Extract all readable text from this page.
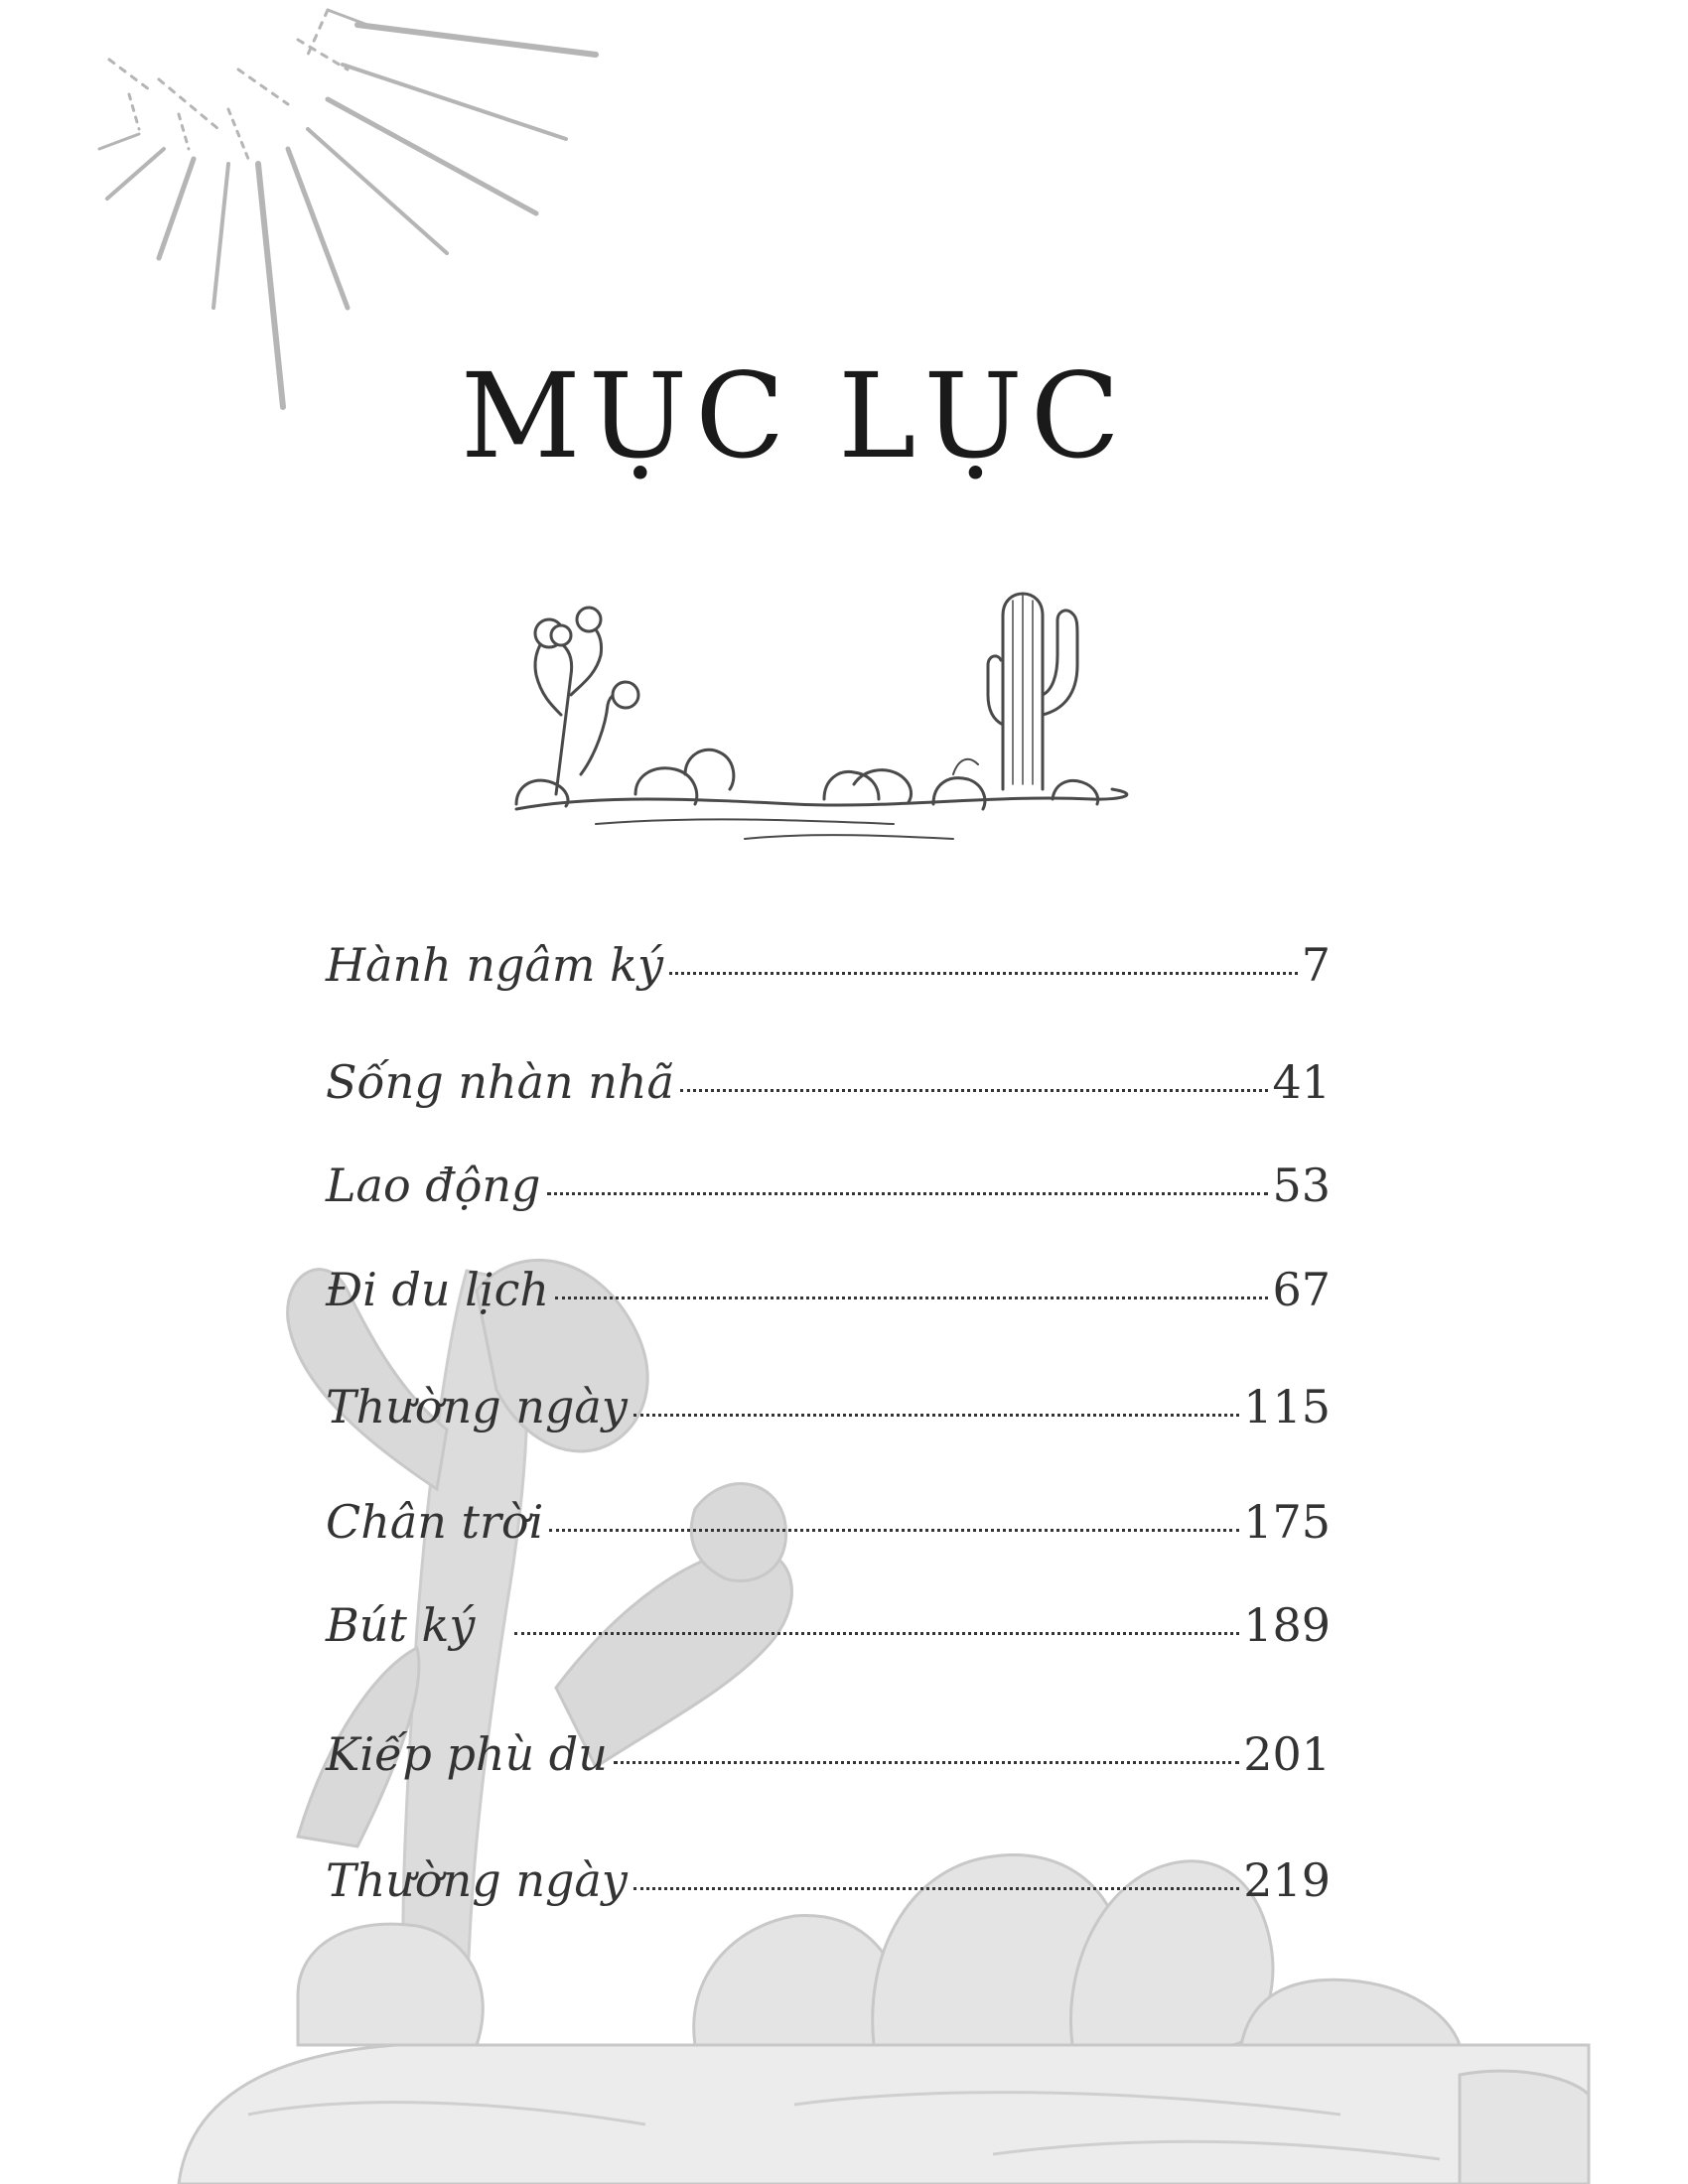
MỤC LỤC
Hành ngâm ký	7
Sống nhàn nhã	41
Lao động	53
Đi du lịch	67
Thường ngày	115
Chân trời	175
Bút ký	189
Kiếp phù du	201
Thường ngày	219
